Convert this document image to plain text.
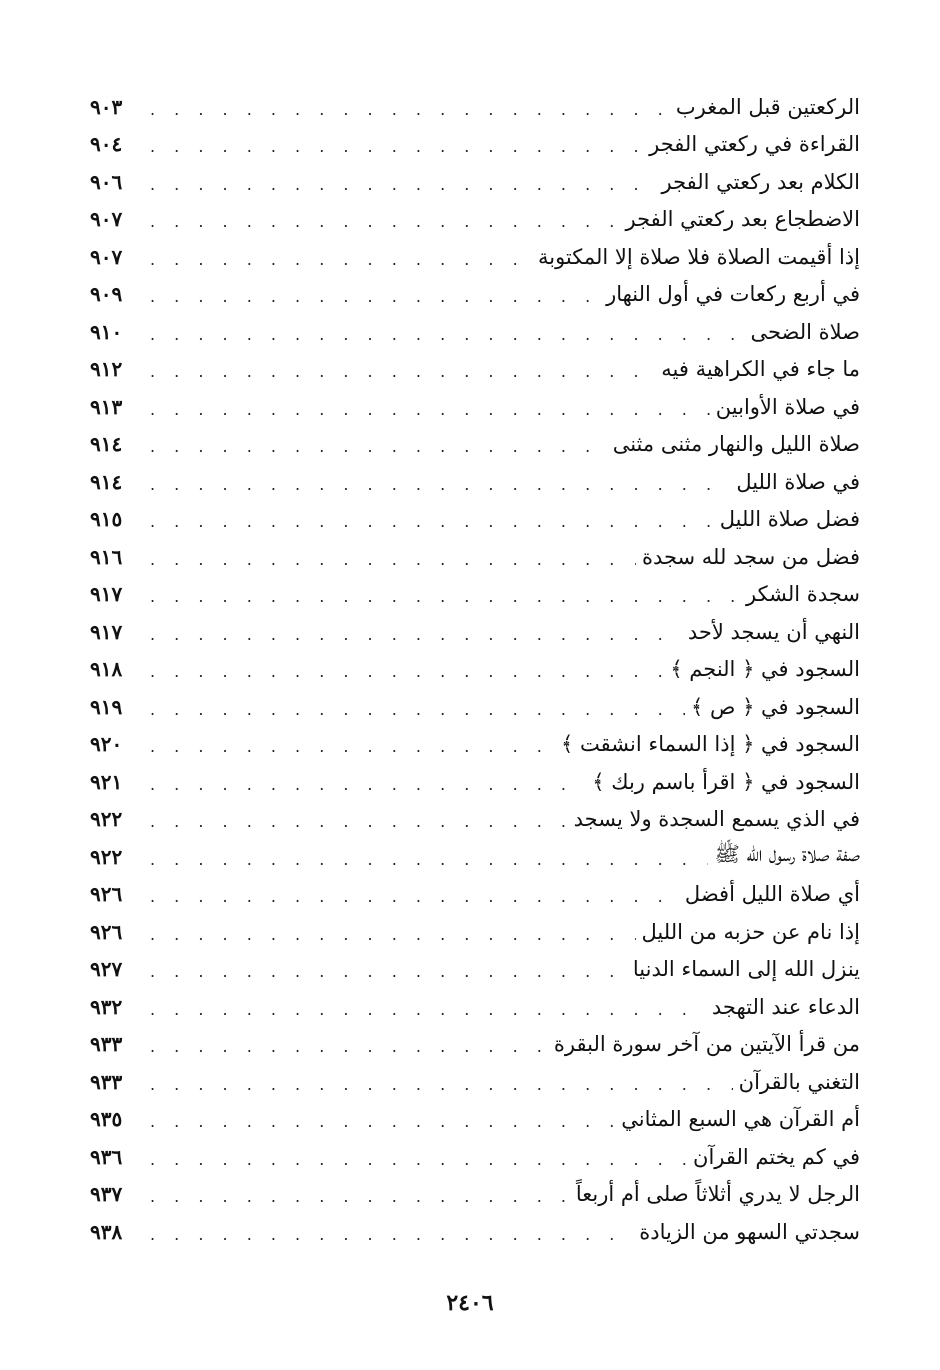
الركعتين قبل المغرب
. . .
٩٠٣
القراءة في ركعتي الفجر
. . .
٩٠٤
الكلام بعد ركعتي الفجر
. . .
٩٠٦
الاضطجاع بعد ركعتي الفجر
. . .
٩٠٧
إذا أقيمت الصلاة فلا صلاة إلا المكتوبة
. . .
٩٠٧
في أربع ركعات في أول النهار
. . .
٩٠٩
صلاة الضحى
. . .
٩١٠
ما جاء في الكراهية فيه
. . .
٩١٢
في صلاة الأوابين
. . .
٩١٣
صلاة الليل والنهار مثنى مثنى
. . .
٩١٤
في صلاة الليل
. . .
٩١٤
فضل صلاة الليل
. . .
٩١٥
فضل من سجد لله سجدة
. . .
٩١٦
سجدة الشكر
. . .
٩١٧
النهي أن يسجد لأحد
. . .
٩١٧
السجود في ﴿ النجم ﴾
. . .
٩١٨
السجود في ﴿ ص ﴾
. . .
٩١٩
السجود في ﴿ إذا السماء انشقت ﴾
. . .
٩٢٠
السجود في ﴿ اقرأ باسم ربك ﴾
. . .
٩٢١
في الذي يسمع السجدة ولا يسجد
. . .
٩٢٢
صفة صلاة رسول الله ﷺ
. . .
٩٢٢
أي صلاة الليل أفضل
. . .
٩٢٦
إذا نام عن حزبه من الليل
. . .
٩٢٦
ينزل الله إلى السماء الدنيا
. . .
٩٢٧
الدعاء عند التهجد
. . .
٩٣٢
من قرأ الآيتين من آخر سورة البقرة
. . .
٩٣٣
التغني بالقرآن
. . .
٩٣٣
أم القرآن هي السبع المثاني
. . .
٩٣٥
في كم يختم القرآن
. . .
٩٣٦
الرجل لا يدري أثلاثاً صلى أم أربعاً
. . .
٩٣٧
سجدتي السهو من الزيادة
. . .
٩٣٨
٢٤٠٦
